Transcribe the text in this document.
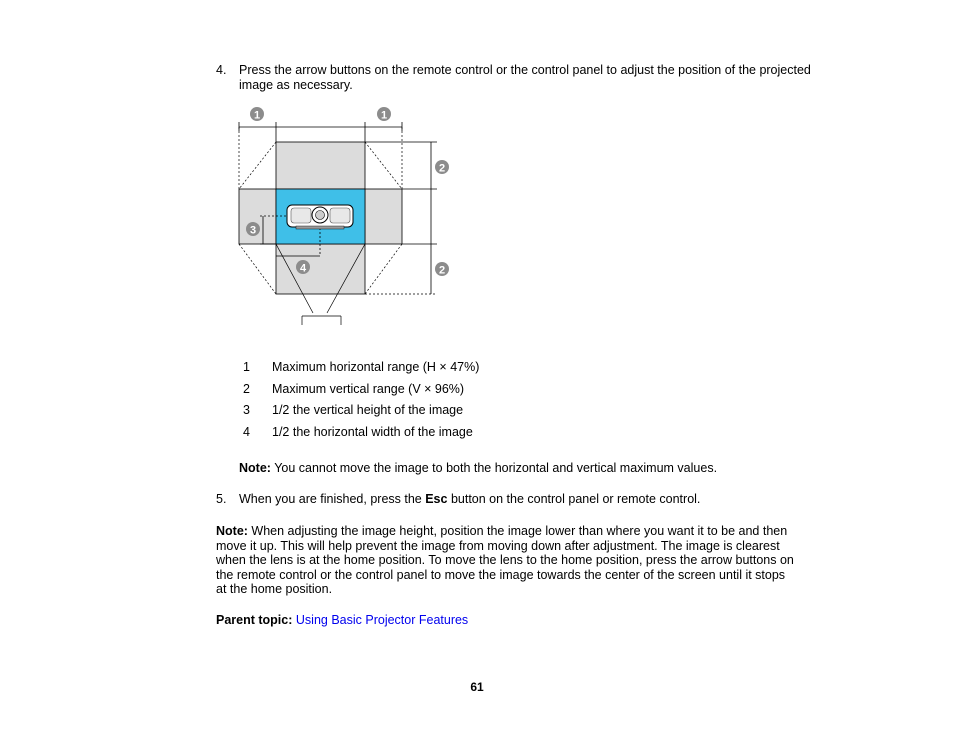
4. Press the arrow buttons on the remote control or the control panel to adjust the position of the projected image as necessary.
1	1
2
2
3
4
1 Maximum horizontal range (H × 47%)
2 Maximum vertical range (V × 96%)
3 1/2 the vertical height of the image
4 1/2 the horizontal width of the image
Note: You cannot move the image to both the horizontal and vertical maximum values.
5. When you are finished, press the Esc button on the control panel or remote control.
Note: When adjusting the image height, position the image lower than where you want it to be and then
move it up. This will help prevent the image from moving down after adjustment. The image is clearest
when the lens is at the home position. To move the lens to the home position, press the arrow buttons on
the remote control or the control panel to move the image towards the center of the screen until it stops
at the home position.
Parent topic: Using Basic Projector Features
61
